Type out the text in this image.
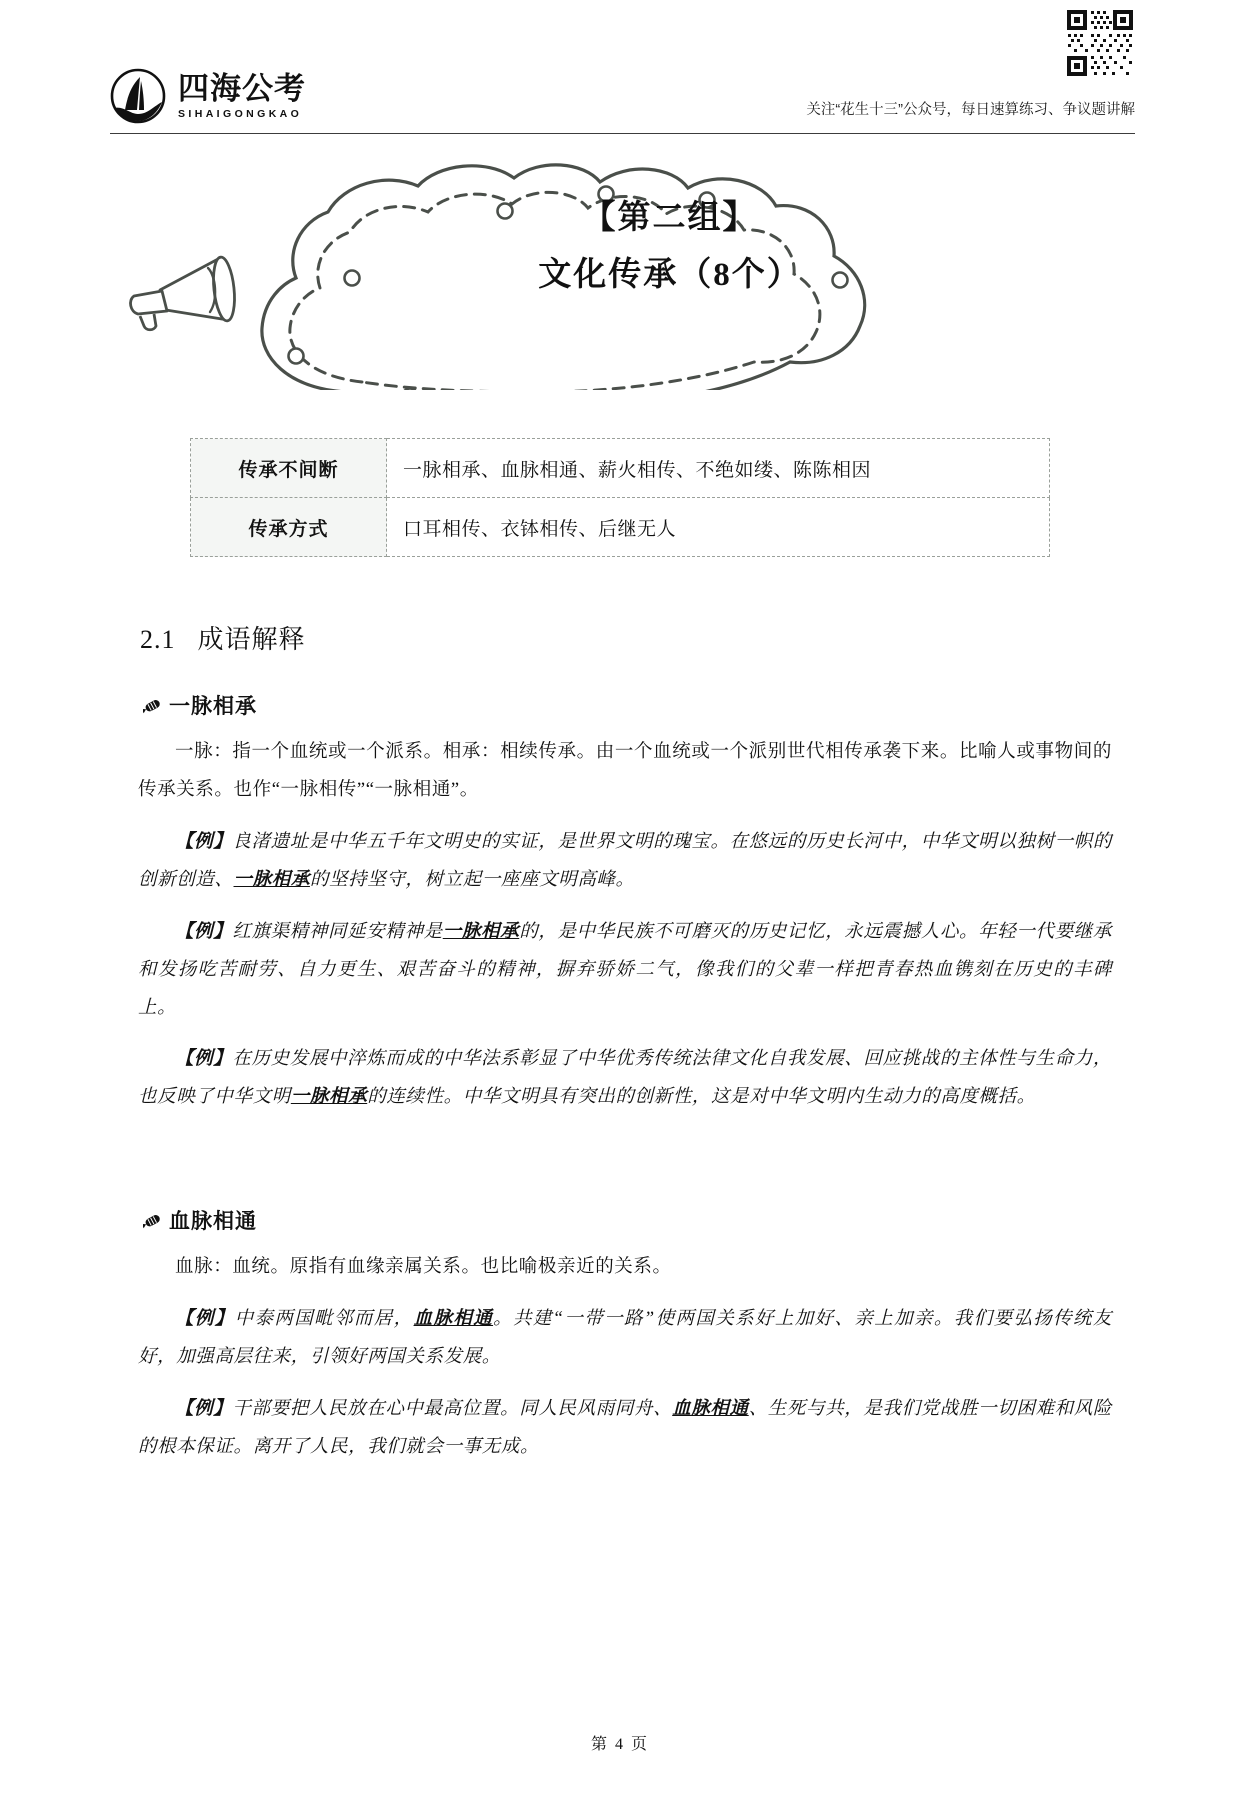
四海公考
SIHAIGONGKAO	关注“花生十三”公众号，每日速算练习、争议题讲解
【第二组】
文化传承（8个）
传承不间断	一脉相承、血脉相通、薪火相传、不绝如缕、陈陈相因
传承方式	口耳相传、衣钵相传、后继无人
2.1 成语解释
一脉相承

一脉：指一个血统或一个派系。相承：相续传承。由一个血统或一个派别世代相传承袭下来。比喻人或事物间的传承关系。也作“一脉相传”“一脉相通”。

【例】良渚遗址是中华五千年文明史的实证，是世界文明的瑰宝。在悠远的历史长河中，中华文明以独树一帜的创新创造、一脉相承的坚持坚守，树立起一座座文明高峰。

【例】红旗渠精神同延安精神是一脉相承的，是中华民族不可磨灭的历史记忆，永远震撼人心。年轻一代要继承和发扬吃苦耐劳、自力更生、艰苦奋斗的精神，摒弃骄娇二气，像我们的父辈一样把青春热血镌刻在历史的丰碑上。

【例】在历史发展中淬炼而成的中华法系彰显了中华优秀传统法律文化自我发展、回应挑战的主体性与生命力，也反映了中华文明一脉相承的连续性。中华文明具有突出的创新性，这是对中华文明内生动力的高度概括。

血脉相通

血脉：血统。原指有血缘亲属关系。也比喻极亲近的关系。

【例】中泰两国毗邻而居，血脉相通。共建“一带一路”使两国关系好上加好、亲上加亲。我们要弘扬传统友好，加强高层往来，引领好两国关系发展。

【例】干部要把人民放在心中最高位置。同人民风雨同舟、血脉相通、生死与共，是我们党战胜一切困难和风险的根本保证。离开了人民，我们就会一事无成。

第 4 页
